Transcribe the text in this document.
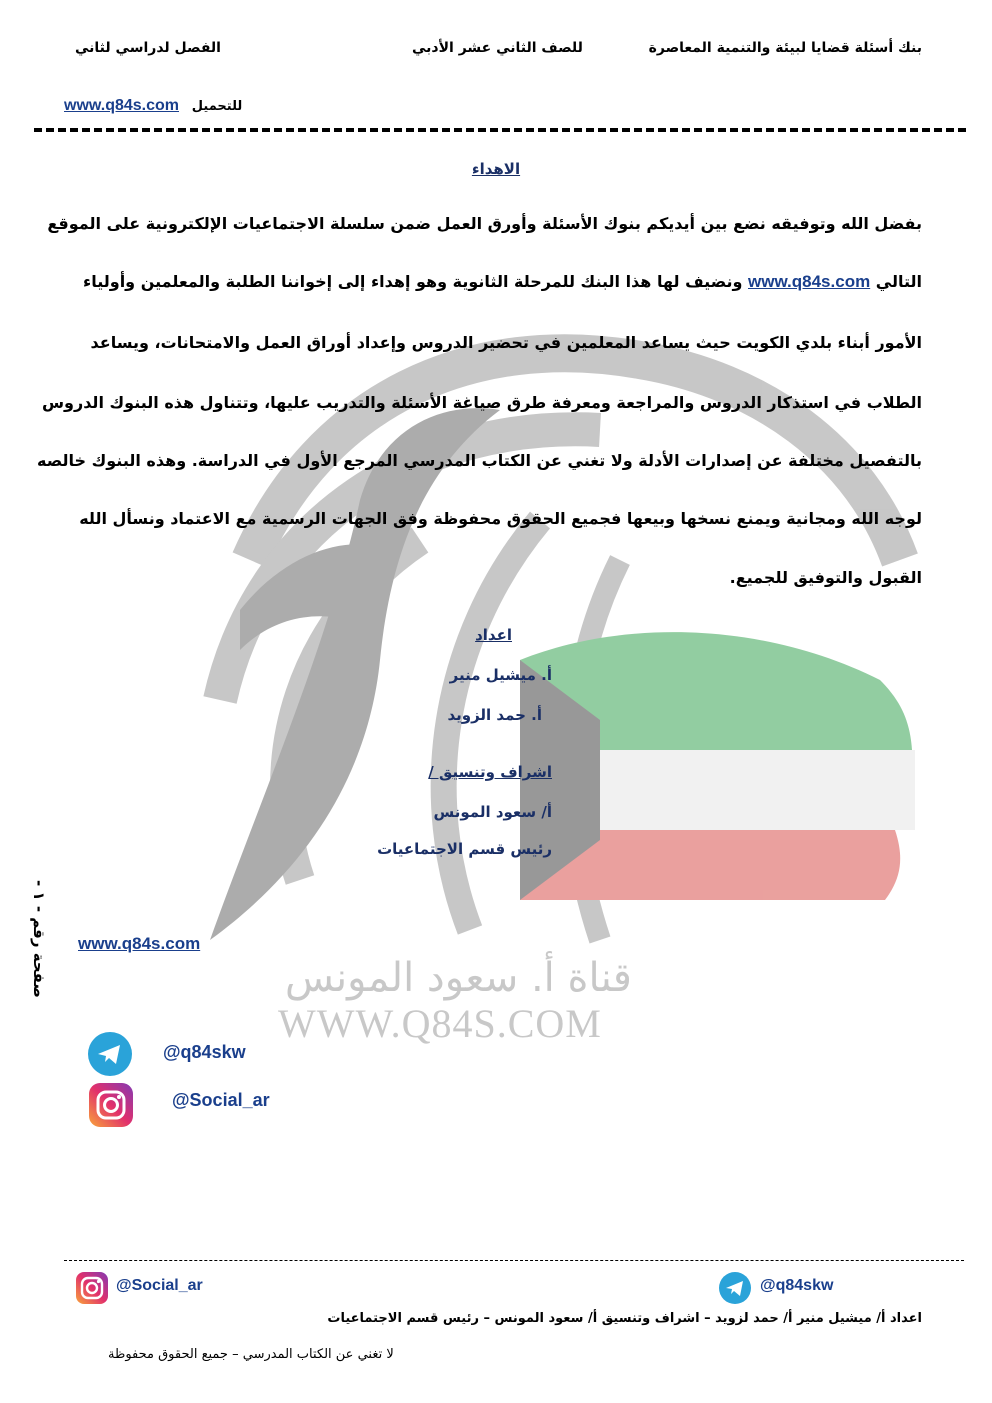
بنك أسئلة قضايا لبيئة والتنمية المعاصرة
للصف الثاني عشر الأدبي
الفصل لدراسي لثاني
www.q84s.com للتحميل
الاهداء
بفضل الله وتوفيقه نضع بين أيديكم بنوك الأسئلة وأورق العمل ضمن سلسلة الاجتماعيات الإلكترونية على الموقع
التالي www.q84s.com ونضيف لها هذا البنك للمرحلة الثانوية وهو إهداء إلى إخواننا الطلبة والمعلمين وأولياء
الأمور أبناء بلدي الكويت حيث يساعد المعلمين في تحضير الدروس وإعداد أوراق العمل والامتحانات، ويساعد
الطلاب في استذكار الدروس والمراجعة ومعرفة طرق صياغة الأسئلة والتدريب عليها، وتتناول هذه البنوك الدروس
بالتفصيل مختلفة عن إصدارات الأدلة ولا تغني عن الكتاب المدرسي المرجع الأول في الدراسة. وهذه البنوك خالصه
لوجه الله ومجانية ويمنع نسخها وبيعها فجميع الحقوق محفوظة وفق الجهات الرسمية مع الاعتماد ونسأل الله
القبول والتوفيق للجميع.
اعداد
أ. ميشيل منير
أ. حمد الزويد
اشراف وتنسيق /
أ/ سعود المونس
رئيس قسم الاجتماعيات
www.q84s.com
صفحة رقم - ١ -	قناة أ. سعود المونس
WWW.Q84S.COM
@q84skw
@Social_ar
@Social_ar	@q84skw
اعداد أ/ ميشيل منير أ/ حمد لزويد – اشراف وتنسيق أ/ سعود المونس – رئيس قسم الاجتماعيات
لا تغني عن الكتاب المدرسي – جميع الحقوق محفوظة
